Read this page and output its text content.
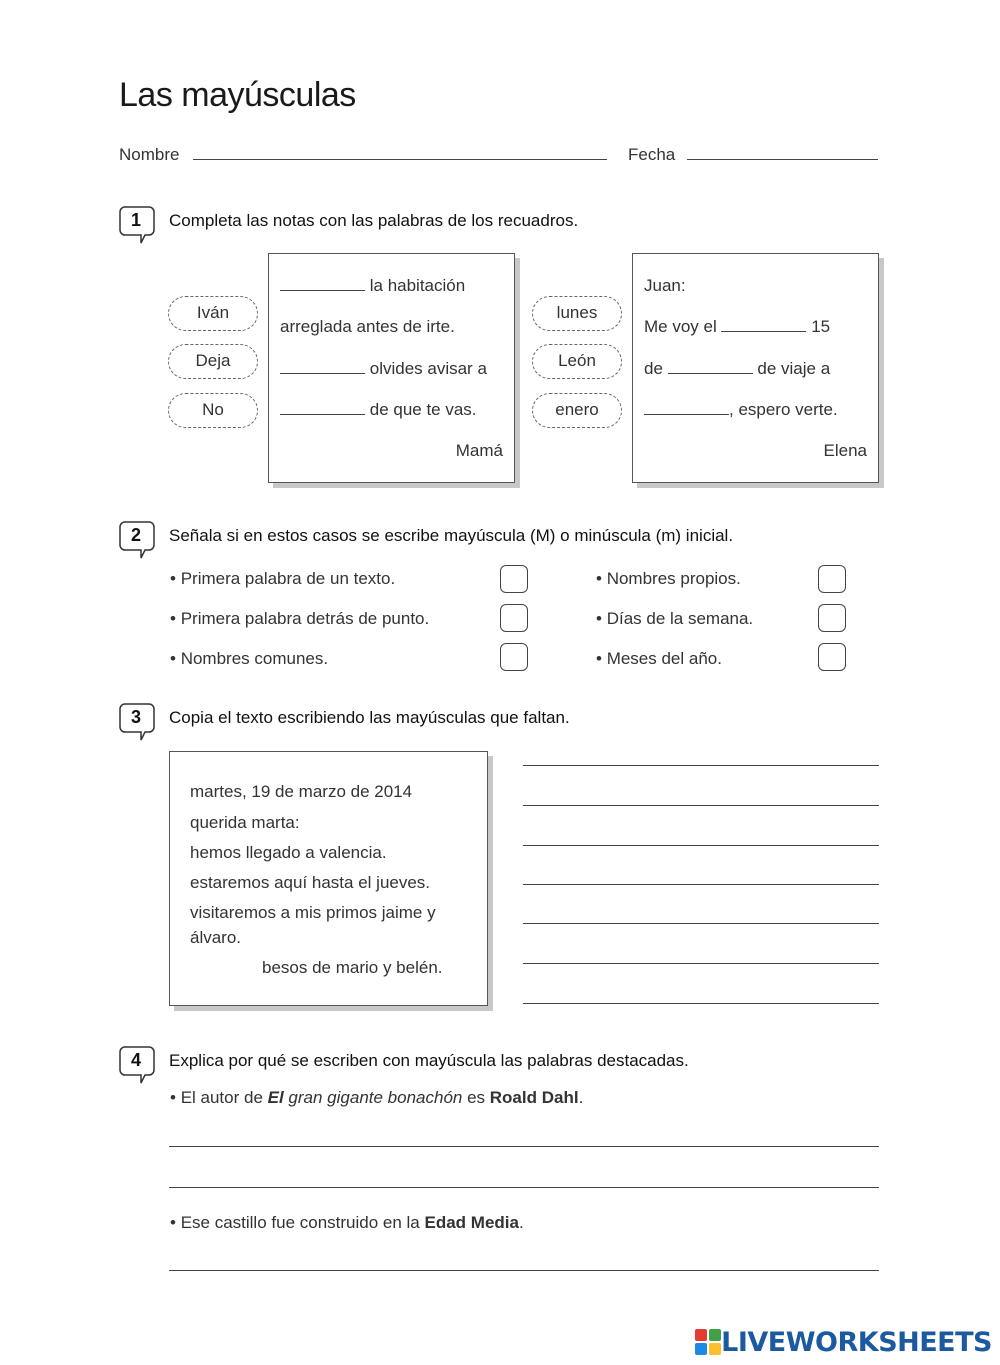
Las mayúsculas
Nombre	Fecha
1	Completa las notas con las palabras de los recuadros.
Iván
Deja
No
la habitación
arreglada antes de irte.
olvides avisar a
de que te vas.
Mamá
lunes
León
enero
Juan:
Me voy el	15
de	de viaje a
, espero verte.
Elena
2	Señala si en estos casos se escribe mayúscula (M) o minúscula (m) inicial.
• Primera palabra de un texto.
• Primera palabra detrás de punto.
• Nombres comunes.
• Nombres propios.
• Días de la semana.
• Meses del año.
3	Copia el texto escribiendo las mayúsculas que faltan.
martes, 19 de marzo de 2014
querida marta:
hemos llegado a valencia.
estaremos aquí hasta el jueves.
visitaremos a mis primos jaime y
álvaro.
besos de mario y belén.
4	Explica por qué se escriben con mayúscula las palabras destacadas.
• El autor de El gran gigante bonachón es Roald Dahl.
• Ese castillo fue construido en la Edad Media.
LIVEWORKSHEETS
